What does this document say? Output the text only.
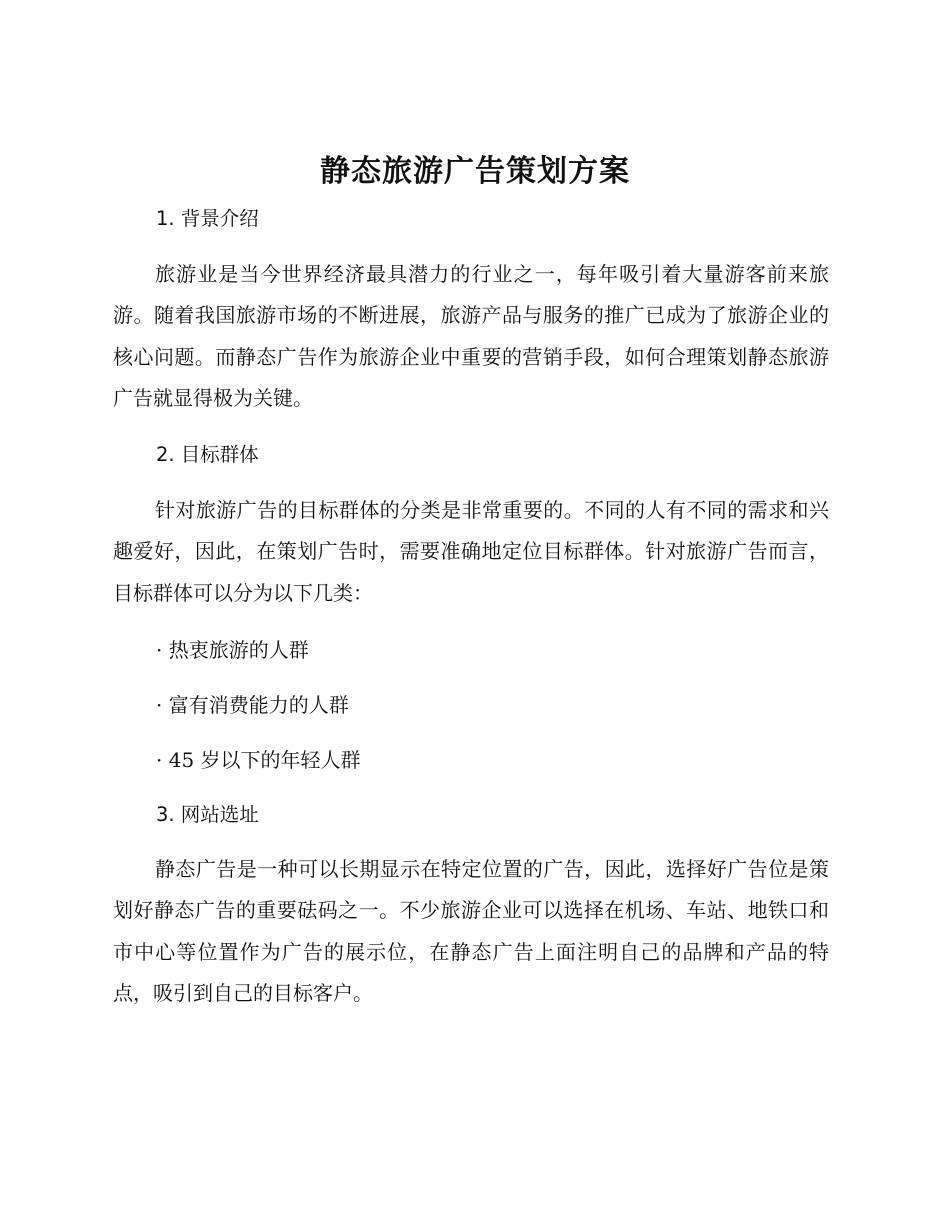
静态旅游广告策划方案
1. 背景介绍

旅游业是当今世界经济最具潜力的行业之一，每年吸引着大量游客前来旅游。随着我国旅游市场的不断进展，旅游产品与服务的推广已成为了旅游企业的核心问题。而静态广告作为旅游企业中重要的营销手段，如何合理策划静态旅游广告就显得极为关键。

2. 目标群体

针对旅游广告的目标群体的分类是非常重要的。不同的人有不同的需求和兴趣爱好，因此，在策划广告时，需要准确地定位目标群体。针对旅游广告而言，目标群体可以分为以下几类：

· 热衷旅游的人群
· 富有消费能力的人群
· 45 岁以下的年轻人群
3. 网站选址

静态广告是一种可以长期显示在特定位置的广告，因此，选择好广告位是策划好静态广告的重要砝码之一。不少旅游企业可以选择在机场、车站、地铁口和市中心等位置作为广告的展示位，在静态广告上面注明自己的品牌和产品的特点，吸引到自己的目标客户。
